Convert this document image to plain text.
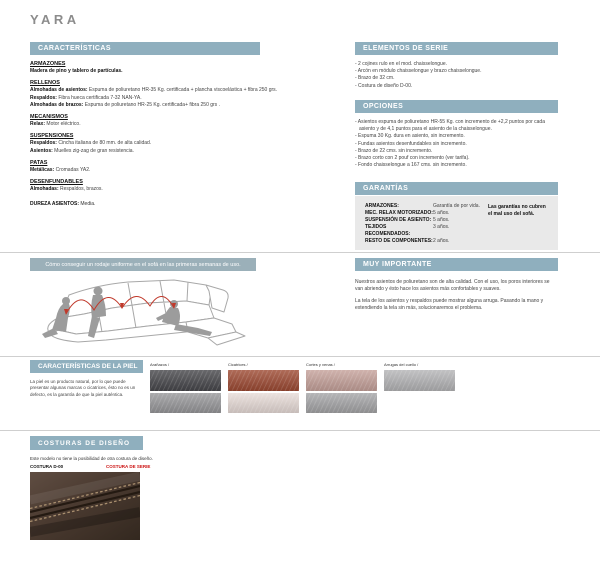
YARA
CARACTERÍSTICAS
ARMAZONES
Madera de pino y tablero de partículas.
RELLENOS
Almohadas de asientos: Espuma de poliuretano HR-35 Kg. certificada + plancha viscoelástica + fibra 250 grs.
Respaldos: Fibra hueca certificada 7-32 NAN-YA.
Almohadas de brazos: Espuma de poliuretano HR-25 Kg. certificada+ fibra 250 grs .
MECANISMOS
Relax: Motor eléctrico.
SUSPENSIONES
Respaldos: Cincha italiana de 80 mm. de alta calidad.
Asientos: Muelles zig-zag de gran resistencia.
PATAS
Metálicas: Cromadas YA2.
DESENFUNDABLES
Almohadas: Respaldos, brazos.
DUREZA ASIENTOS: Media.
ELEMENTOS DE SERIE
- 2 cojines rulo en el mod. chaisselongue.
- Arcón en módulo chaisselongue y brazo chaisselongue.
- Brazo de 32 cm.
- Costura de diseño D-00.
OPCIONES
- Asientos espuma de poliuretano HR-55 Kg. con incremento de +2,2 puntos por cada asiento y de 4,1 puntos para el asiento de la chaisselongue.
- Espuma 30 Kg. dura en asiento, sin incremento.
- Fundas asientos desenfundables sin incremento.
- Brazo de 22 cms. sin incremento.
- Brazo corto con 2 pouf con incremento (ver tarifa).
- Fondo chaisselongue a 167 cms. sin incremento.
GARANTÍAS
ARMAZONES:	Garantía de por vida.
MEC. RELAX MOTORIZADO: 5 años.
SUSPENSIÓN DE ASIENTO: 5 años.
TEJIDOS RECOMENDADOS:
3 años.
RESTO DE COMPONENTES: 2 años.
Las garantías no cubren el mal uso del sofá.
Cómo conseguir un rodaje uniforme en el sofá en las primeras semanas de uso.	MUY IMPORTANTE

Nuestros asientos de poliuretano son de alta calidad. Con el uso, los poros interiores se van abriendo y ésto hace los asientos más confortables y suaves.

La tela de los asientos y respaldos puede mostrar alguna arruga. Pasando la mano y extendiendo la tela sin más, solucionaremos el problema.

CARACTERÍSTICAS DE LA PIEL
La piel es un producto natural, por lo que puede presentar algunas marcas o cicatrices, ésto no es un defecto, es la garantía de que la piel auténtica.
Arañazos /	Cicatrices /	Cortes y venas /	Arrugas del cuello /
COSTURAS DE DISEÑO
Este modelo no tiene la posibilidad de otra costura de diseño.
COSTURA D-00	COSTURA DE SERIE
